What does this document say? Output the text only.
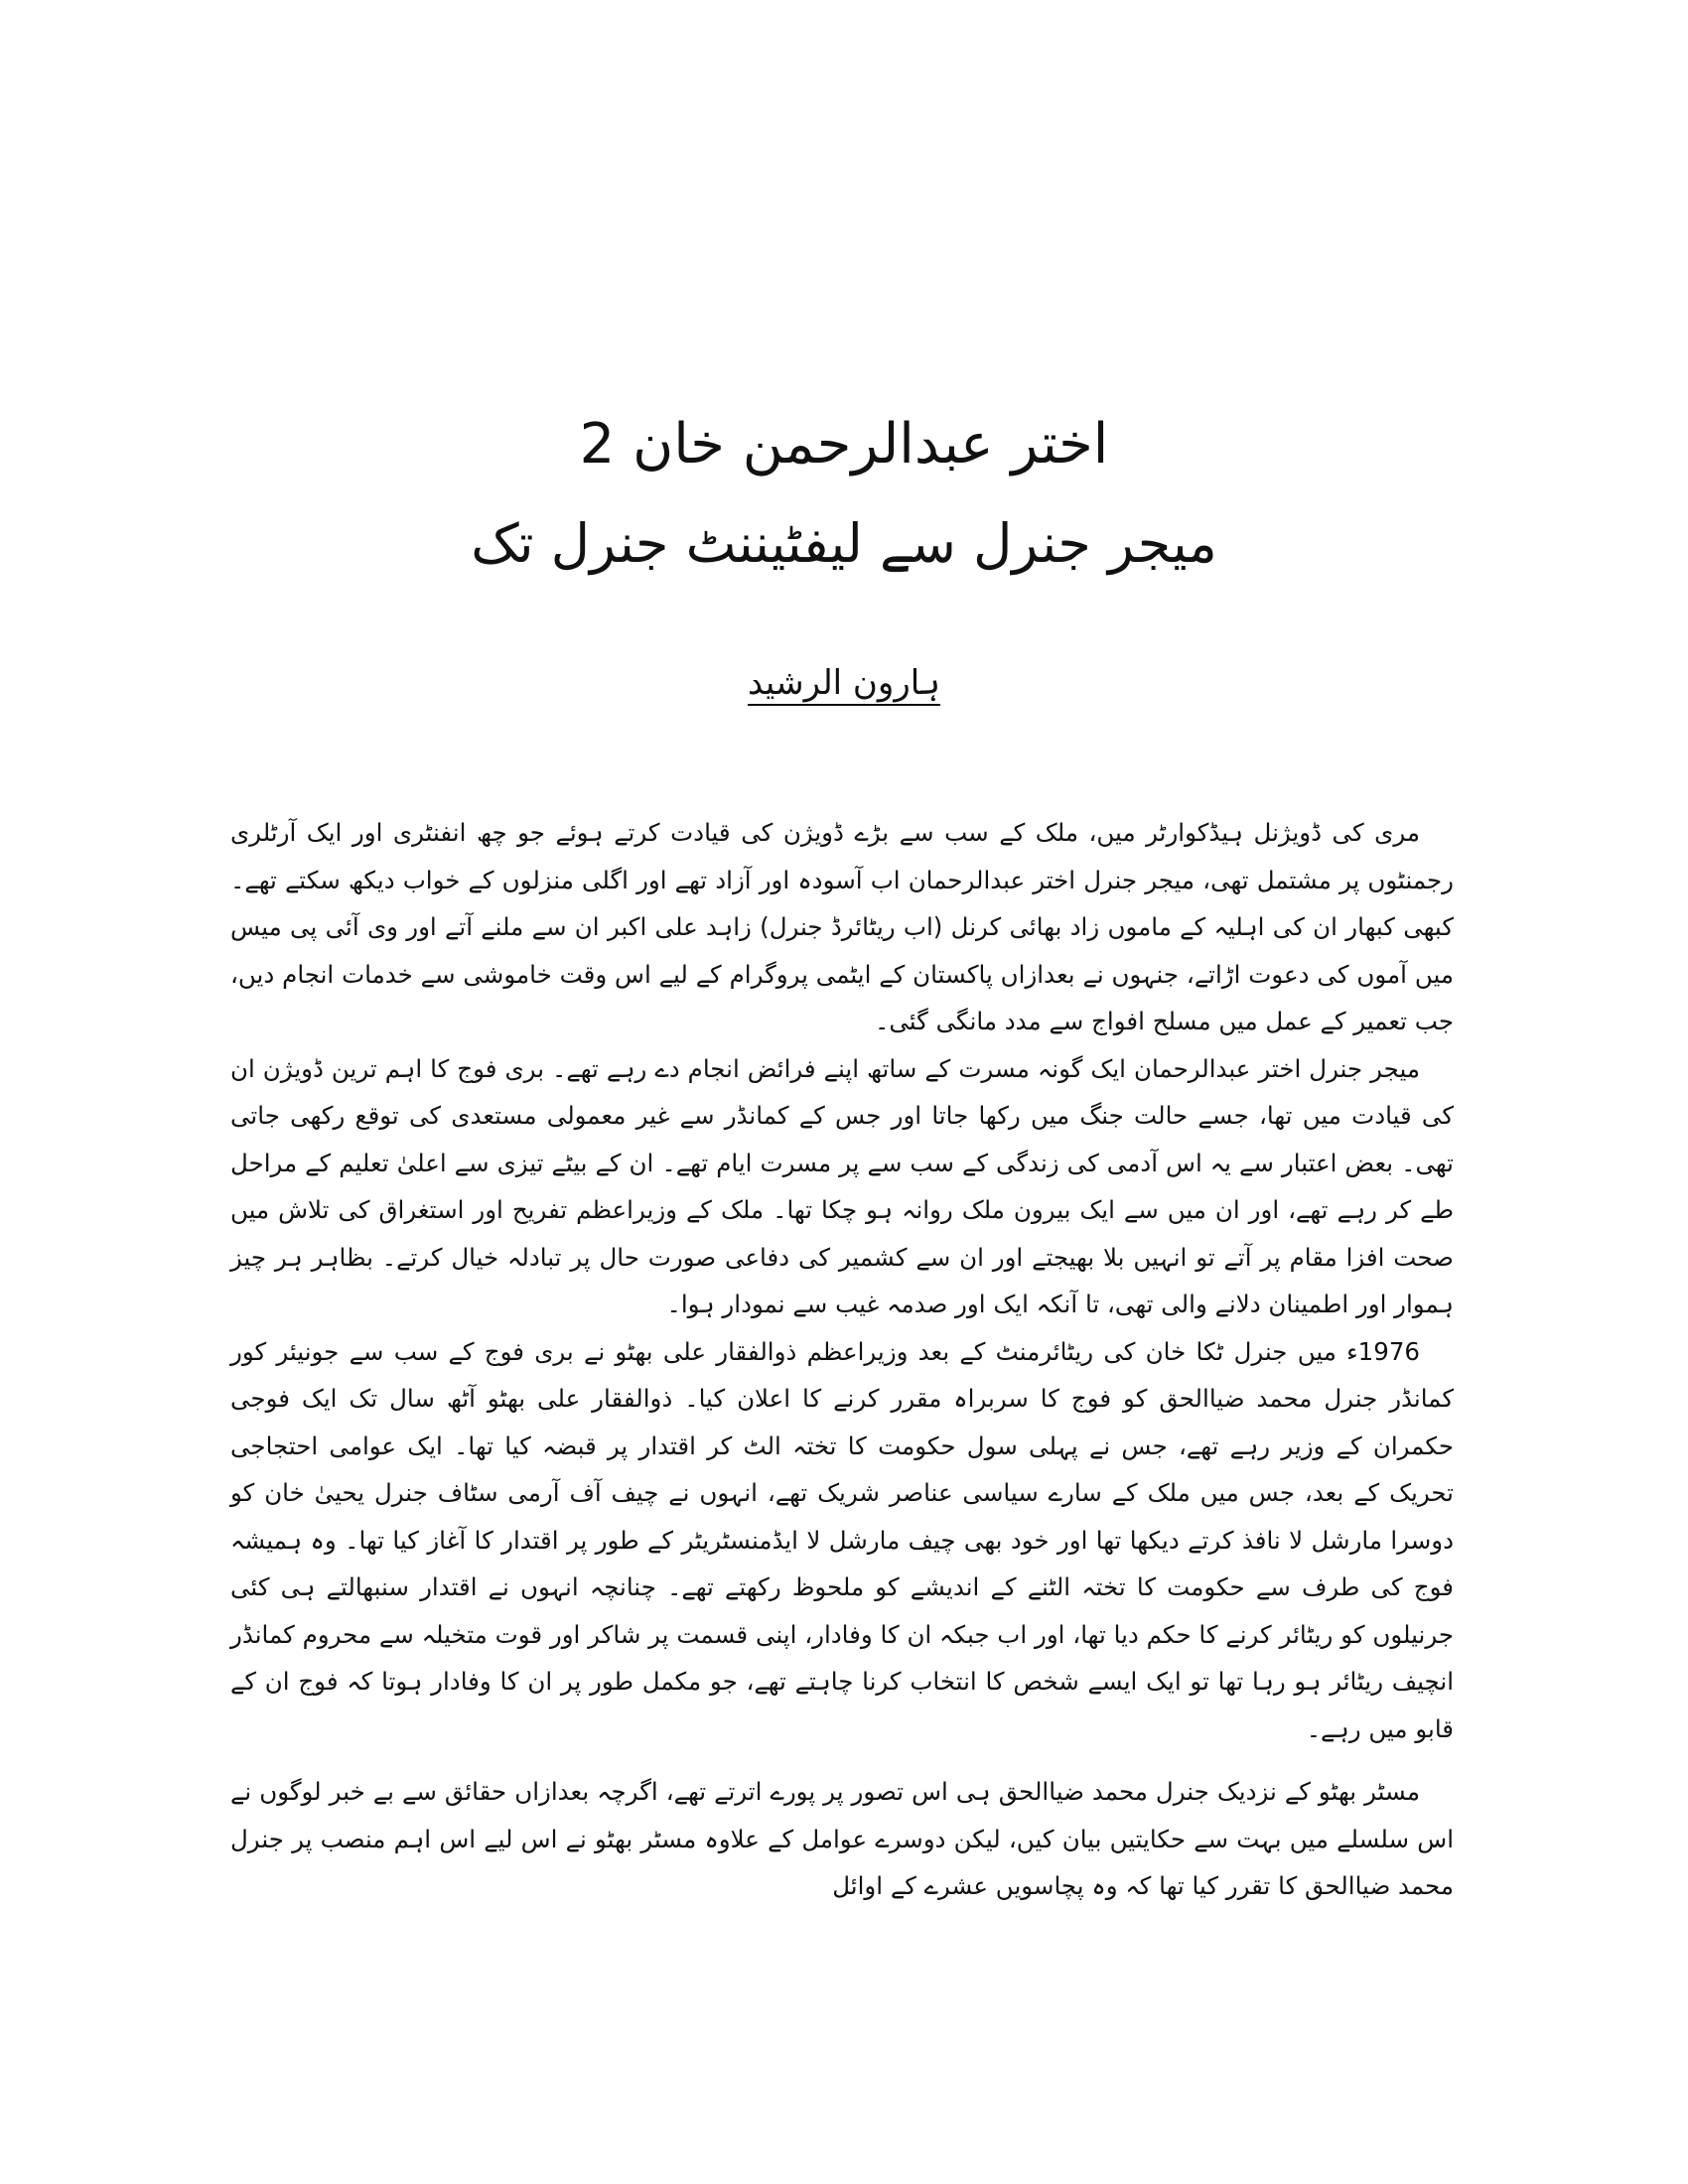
اختر عبدالرحمن خان 2
میجر جنرل سے لیفٹیننٹ جنرل تک
ہارون الرشید

مری کی ڈویژنل ہیڈکوارٹر میں، ملک کے سب سے بڑے ڈویژن کی قیادت کرتے ہوئے جو چھ انفنٹری اور ایک آرٹلری رجمنٹوں پر مشتمل تھی، میجر جنرل اختر عبدالرحمان اب آسودہ اور آزاد تھے اور اگلی منزلوں کے خواب دیکھ سکتے تھے۔ کبھی کبھار ان کی اہلیہ کے ماموں زاد بھائی کرنل (اب ریٹائرڈ جنرل) زاہد علی اکبر ان سے ملنے آتے اور وی آئی پی میس میں آموں کی دعوت اڑاتے، جنہوں نے بعدازاں پاکستان کے ایٹمی پروگرام کے لیے اس وقت خاموشی سے خدمات انجام دیں، جب تعمیر کے عمل میں مسلح افواج سے مدد مانگی گئی۔

میجر جنرل اختر عبدالرحمان ایک گونہ مسرت کے ساتھ اپنے فرائض انجام دے رہے تھے۔ بری فوج کا اہم ترین ڈویژن ان کی قیادت میں تھا، جسے حالت جنگ میں رکھا جاتا اور جس کے کمانڈر سے غیر معمولی مستعدی کی توقع رکھی جاتی تھی۔ بعض اعتبار سے یہ اس آدمی کی زندگی کے سب سے پر مسرت ایام تھے۔ ان کے بیٹے تیزی سے اعلیٰ تعلیم کے مراحل طے کر رہے تھے، اور ان میں سے ایک بیرون ملک روانہ ہو چکا تھا۔ ملک کے وزیراعظم تفریح اور استغراق کی تلاش میں صحت افزا مقام پر آتے تو انہیں بلا بھیجتے اور ان سے کشمیر کی دفاعی صورت حال پر تبادلہ خیال کرتے۔ بظاہر ہر چیز ہموار اور اطمینان دلانے والی تھی، تا آنکہ ایک اور صدمہ غیب سے نمودار ہوا۔

1976ء میں جنرل ٹکا خان کی ریٹائرمنٹ کے بعد وزیراعظم ذوالفقار علی بھٹو نے بری فوج کے سب سے جونیئر کور کمانڈر جنرل محمد ضیاالحق کو فوج کا سربراہ مقرر کرنے کا اعلان کیا۔ ذوالفقار علی بھٹو آٹھ سال تک ایک فوجی حکمران کے وزیر رہے تھے، جس نے پہلی سول حکومت کا تختہ الٹ کر اقتدار پر قبضہ کیا تھا۔ ایک عوامی احتجاجی تحریک کے بعد، جس میں ملک کے سارے سیاسی عناصر شریک تھے، انہوں نے چیف آف آرمی سٹاف جنرل یحییٰ خان کو دوسرا مارشل لا نافذ کرتے دیکھا تھا اور خود بھی چیف مارشل لا ایڈمنسٹریٹر کے طور پر اقتدار کا آغاز کیا تھا۔ وہ ہمیشہ فوج کی طرف سے حکومت کا تختہ الٹنے کے اندیشے کو ملحوظ رکھتے تھے۔ چنانچہ انہوں نے اقتدار سنبھالتے ہی کئی جرنیلوں کو ریٹائر کرنے کا حکم دیا تھا، اور اب جبکہ ان کا وفادار، اپنی قسمت پر شاکر اور قوت متخیلہ سے محروم کمانڈر انچیف ریٹائر ہو رہا تھا تو ایک ایسے شخص کا انتخاب کرنا چاہتے تھے، جو مکمل طور پر ان کا وفادار ہوتا کہ فوج ان کے قابو میں رہے۔

مسٹر بھٹو کے نزدیک جنرل محمد ضیاالحق ہی اس تصور پر پورے اترتے تھے، اگرچہ بعدازاں حقائق سے بے خبر لوگوں نے اس سلسلے میں بہت سے حکایتیں بیان کیں، لیکن دوسرے عوامل کے علاوہ مسٹر بھٹو نے اس لیے اس اہم منصب پر جنرل محمد ضیاالحق کا تقرر کیا تھا کہ وہ پچاسویں عشرے کے اوائل
